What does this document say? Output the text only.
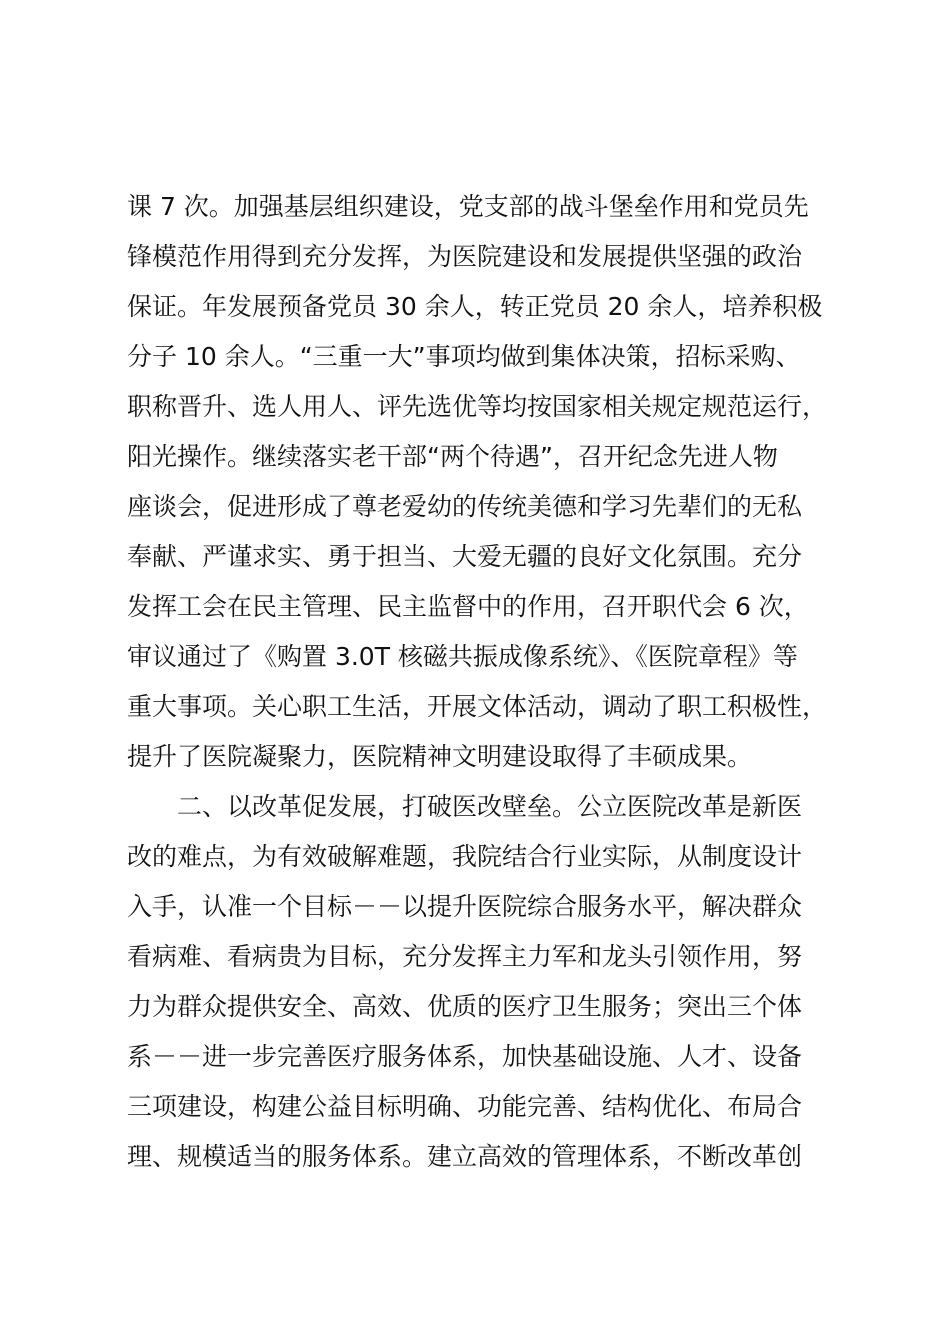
课 7 次。加强基层组织建设，党支部的战斗堡垒作用和党员先
锋模范作用得到充分发挥，为医院建设和发展提供坚强的政治
保证。年发展预备党员 30 余人，转正党员 20 余人，培养积极
分子 10 余人。“三重一大”事项均做到集体决策，招标采购、
职称晋升、选人用人、评先选优等均按国家相关规定规范运行，
阳光操作。继续落实老干部“两个待遇”，召开纪念先进人物
座谈会，促进形成了尊老爱幼的传统美德和学习先辈们的无私
奉献、严谨求实、勇于担当、大爱无疆的良好文化氛围。充分
发挥工会在民主管理、民主监督中的作用，召开职代会 6 次，
审议通过了《购置 3.0T 核磁共振成像系统》、《医院章程》等
重大事项。关心职工生活，开展文体活动，调动了职工积极性，
提升了医院凝聚力，医院精神文明建设取得了丰硕成果。
　　二、以改革促发展，打破医改壁垒。公立医院改革是新医
改的难点，为有效破解难题，我院结合行业实际，从制度设计
入手，认准一个目标－－以提升医院综合服务水平，解决群众
看病难、看病贵为目标，充分发挥主力军和龙头引领作用，努
力为群众提供安全、高效、优质的医疗卫生服务；突出三个体
系－－进一步完善医疗服务体系，加快基础设施、人才、设备
三项建设，构建公益目标明确、功能完善、结构优化、布局合
理、规模适当的服务体系。建立高效的管理体系，不断改革创
